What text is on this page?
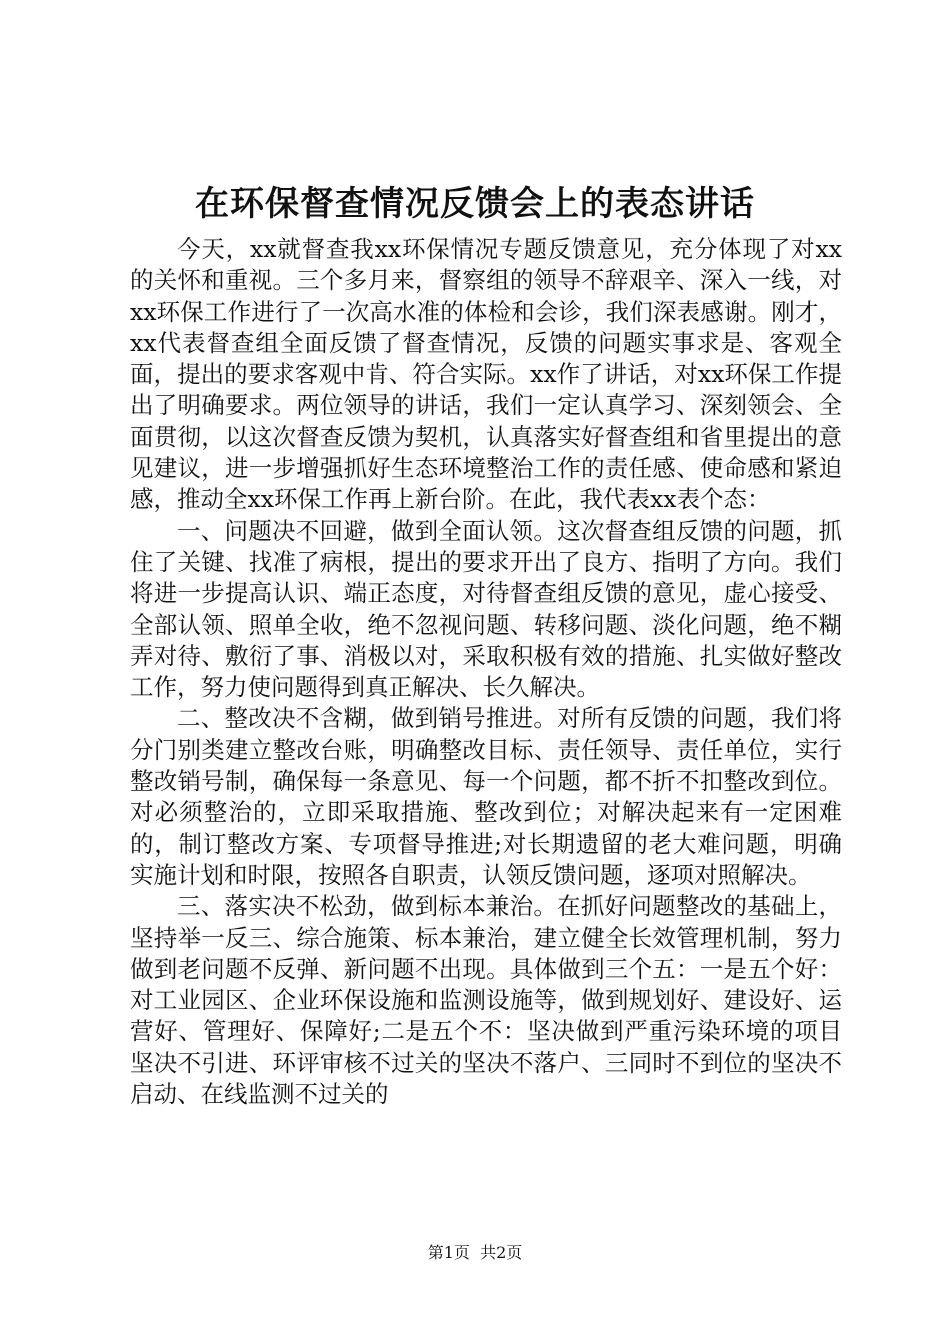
在环保督查情况反馈会上的表态讲话

今天，xx就督查我xx环保情况专题反馈意见，充分体现了对xx的关怀和重视。三个多月来，督察组的领导不辞艰辛、深入一线，对xx环保工作进行了一次高水准的体检和会诊，我们深表感谢。刚才，xx代表督查组全面反馈了督查情况，反馈的问题实事求是、客观全面，提出的要求客观中肯、符合实际。xx作了讲话，对xx环保工作提出了明确要求。两位领导的讲话，我们一定认真学习、深刻领会、全面贯彻，以这次督查反馈为契机，认真落实好督查组和省里提出的意见建议，进一步增强抓好生态环境整治工作的责任感、使命感和紧迫感，推动全xx环保工作再上新台阶。在此，我代表xx表个态：

一、问题决不回避，做到全面认领。这次督查组反馈的问题，抓住了关键、找准了病根，提出的要求开出了良方、指明了方向。我们将进一步提高认识、端正态度，对待督查组反馈的意见，虚心接受、全部认领、照单全收，绝不忽视问题、转移问题、淡化问题，绝不糊弄对待、敷衍了事、消极以对，采取积极有效的措施、扎实做好整改工作，努力使问题得到真正解决、长久解决。

二、整改决不含糊，做到销号推进。对所有反馈的问题，我们将分门别类建立整改台账，明确整改目标、责任领导、责任单位，实行整改销号制，确保每一条意见、每一个问题，都不折不扣整改到位。对必须整治的，立即采取措施、整改到位；对解决起来有一定困难的，制订整改方案、专项督导推进;对长期遗留的老大难问题，明确实施计划和时限，按照各自职责，认领反馈问题，逐项对照解决。

三、落实决不松劲，做到标本兼治。在抓好问题整改的基础上，坚持举一反三、综合施策、标本兼治，建立健全长效管理机制，努力做到老问题不反弹、新问题不出现。具体做到三个五：一是五个好：对工业园区、企业环保设施和监测设施等，做到规划好、建设好、运营好、管理好、保障好;二是五个不：坚决做到严重污染环境的项目坚决不引进、环评审核不过关的坚决不落户、三同时不到位的坚决不启动、在线监测不过关的

第1页  共2页
